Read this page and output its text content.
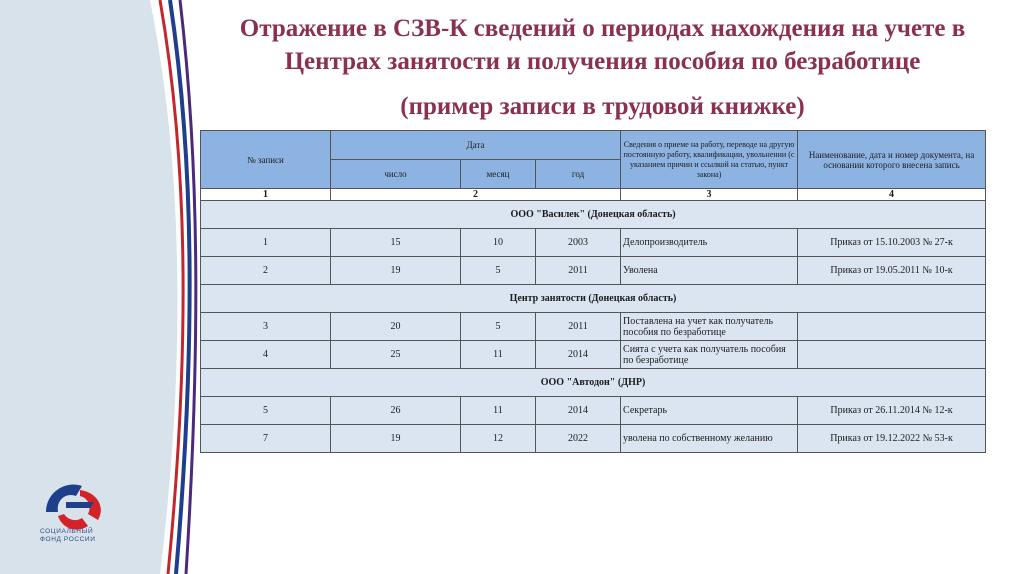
СОЦИАЛЬНЫЙ
ФОНД РОССИИ
Отражение в СЗВ-К сведений о периодах нахождения на учете в Центрах занятости и получения пособия по безработице
(пример записи в трудовой книжке)
№ записи	Дата			Сведения о приеме на работу, переводе на другую постоянную работу, квалификации, увольнении (с указанием причин и ссылкой на статью, пункт закона)	Наименование, дата и номер документа, на основании которого внесена запись
	число	месяц	год		
1	2			3	4
ООО "Василек" (Донецкая область)					
1	15	10	2003	Делопроизводитель	Приказ от 15.10.2003 № 27-к
2	19	5	2011	Уволена	Приказ от 19.05.2011 № 10-к
Центр занятости (Донецкая область)					
3	20	5	2011	Поставлена на учет как получатель пособия по безработице	
4	25	11	2014	Сията с учета как получатель пособия по безработице	
ООО "Автодон" (ДНР)					
5	26	11	2014	Секретарь	Приказ от 26.11.2014 № 12-к
7	19	12	2022	уволена по собственному желанию	Приказ от 19.12.2022 № 53-к
